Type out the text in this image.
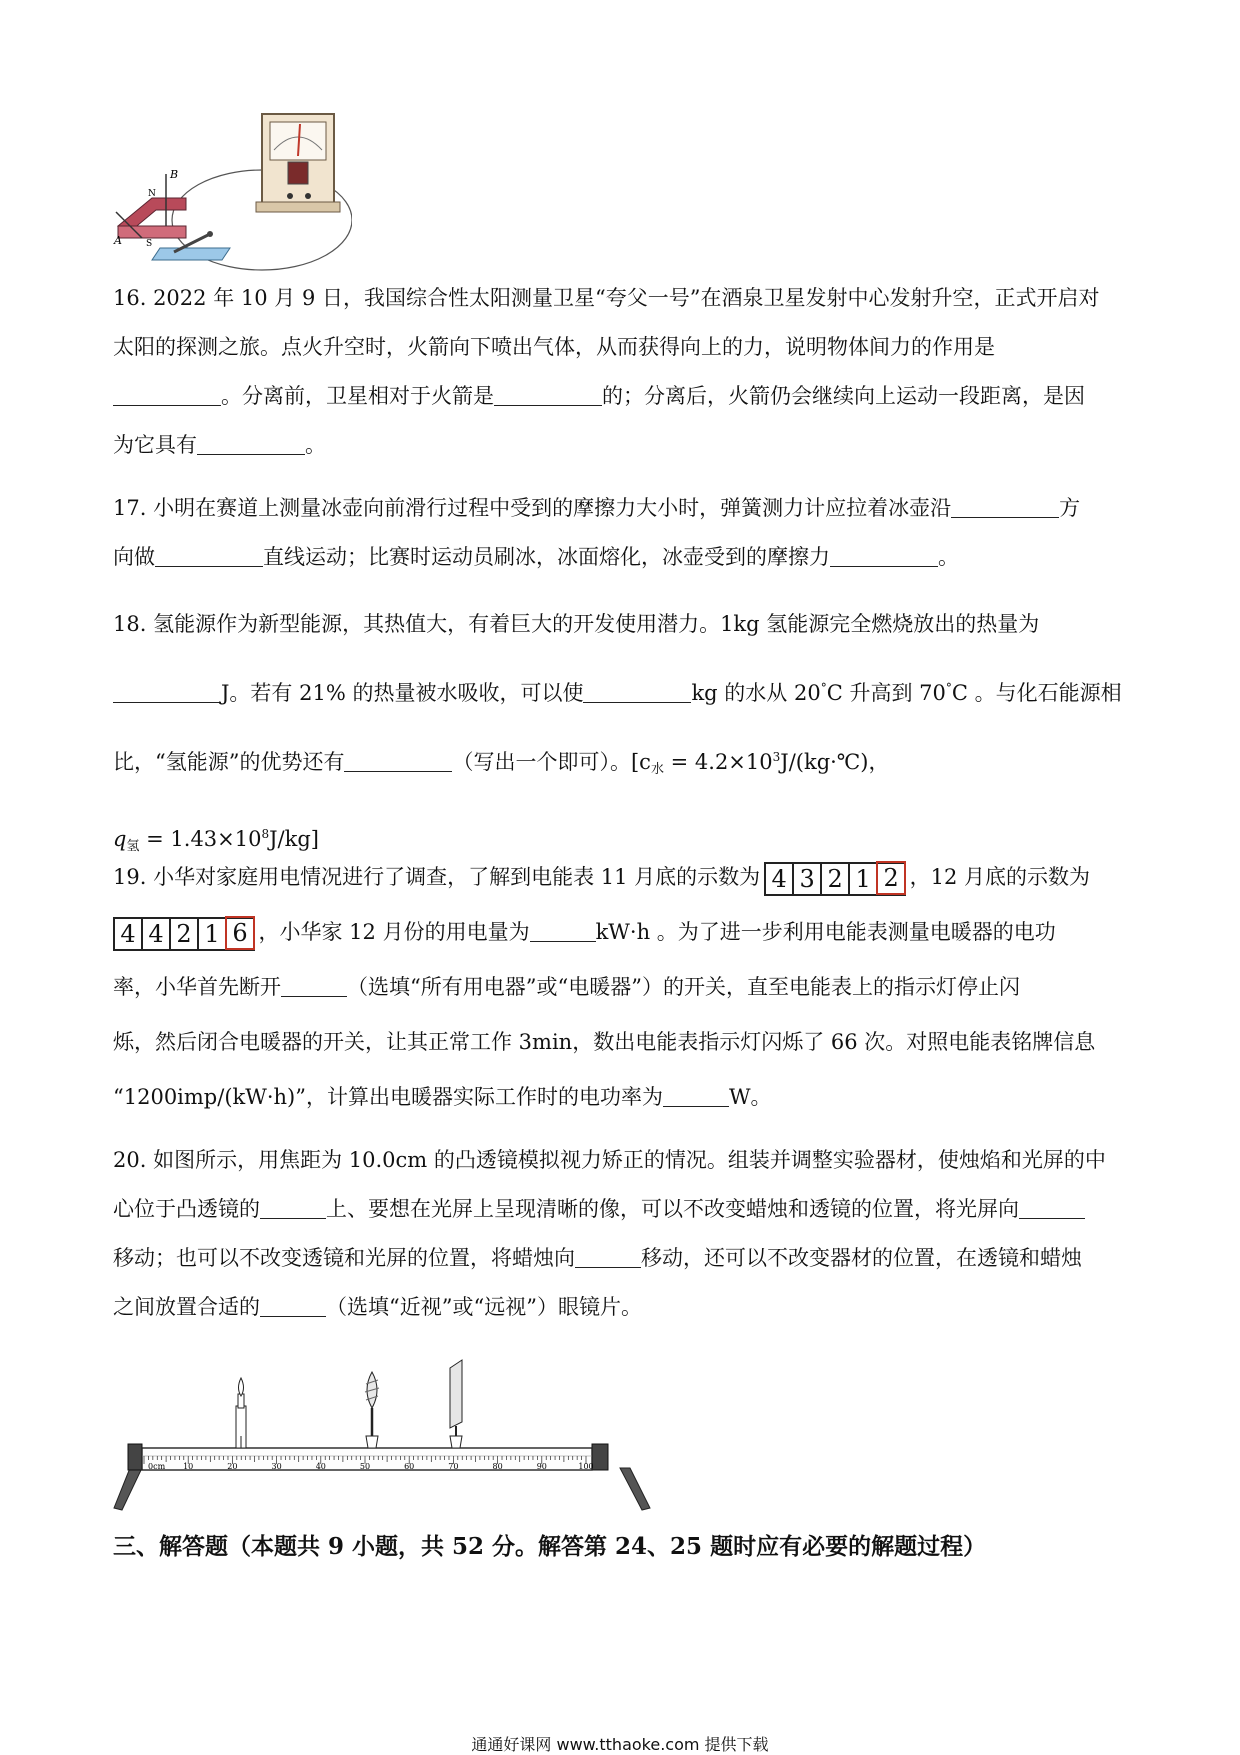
N
S
A
B
16. 2022 年 10 月 9 日，我国综合性太阳测量卫星“夸父一号”在酒泉卫星发射中心发射升空，正式开启对
太阳的探测之旅。点火升空时，火箭向下喷出气体，从而获得向上的力，说明物体间力的作用是
。分离前，卫星相对于火箭是	的；分离后，火箭仍会继续向上运动一段距离，是因
为它具有	。
17. 小明在赛道上测量冰壶向前滑行过程中受到的摩擦力大小时，弹簧测力计应拉着冰壶沿	方
向做	直线运动；比赛时运动员刷冰，冰面熔化，冰壶受到的摩擦力	。
18. 氢能源作为新型能源，其热值大，有着巨大的开发使用潜力。1kg 氢能源完全燃烧放出的热量为
J。若有 21% 的热量被水吸收，可以使	kg 的水从 20°C 升高到 70°C 。与化石能源相
比，“氢能源”的优势还有	（写出一个即可）。[$c_水$ = $4.2\times 10^3J/(kg\cdot℃)$，
$q_氢 = 1.43\times 10^8J/kg$]
19. 小华对家庭用电情况进行了调查，了解到电能表 11 月底的示数为 4 3 2 1 2 ，12 月底的示数为
4 4 2 1 6 ，小华家 12 月份的用电量为	kW·h 。为了进一步利用电能表测量电暖器的电功
率，小华首先断开	（选填“所有用电器”或“电暖器”）的开关，直至电能表上的指示灯停止闪
烁，然后闭合电暖器的开关，让其正常工作 3min，数出电能表指示灯闪烁了 66 次。对照电能表铭牌信息
“1200imp/(kW·h)”，计算出电暖器实际工作时的电功率为	W。
20. 如图所示，用焦距为 10.0cm 的凸透镜模拟视力矫正的情况。组装并调整实验器材，使烛焰和光屏的中
心位于凸透镜的	上、要想在光屏上呈现清晰的像，可以不改变蜡烛和透镜的位置，将光屏向
移动；也可以不改变透镜和光屏的位置，将蜡烛向	移动，还可以不改变器材的位置，在透镜和蜡烛
之间放置合适的	（选填“近视”或“远视”）眼镜片。
0cm 10	20	30	40	50	60	70	80	90	100
三、解答题（本题共 9 小题，共 52 分。解答第 24、25 题时应有必要的解题过程）
通通好课网 www.tthaoke.com 提供下载
